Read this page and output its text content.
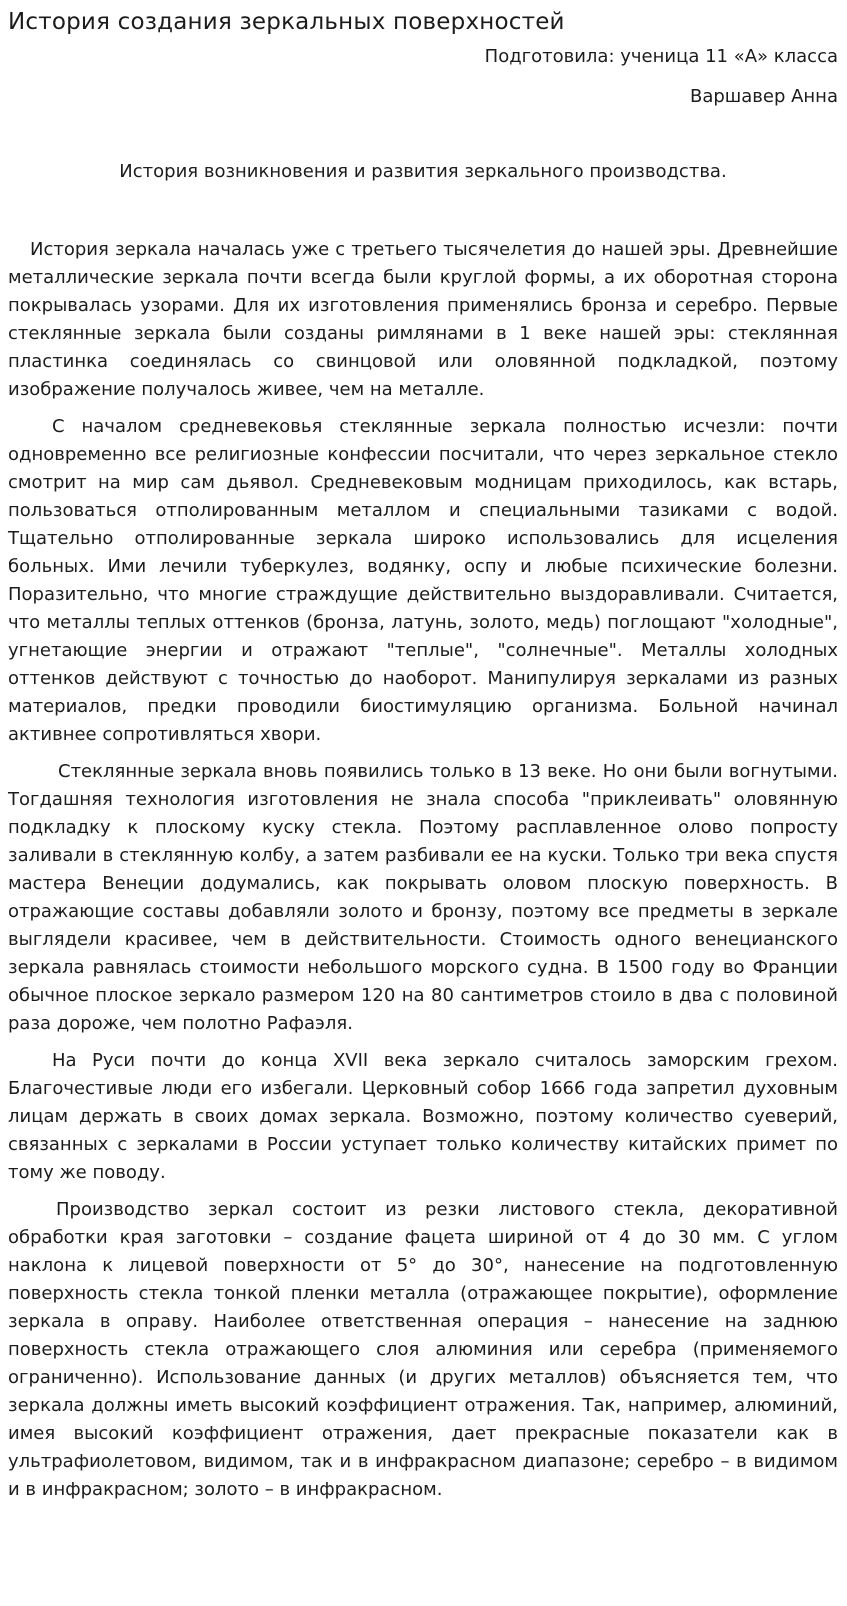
История создания зеркальных поверхностей

Подготовила: ученица 11 «А» класса

Варшавер Анна

История возникновения и развития зеркального производства.

История зеркала началась уже с третьего тысячелетия до нашей эры. Древнейшие металлические зеркала почти всегда были круглой формы, а их оборотная сторона покрывалась узорами. Для их изготовления применялись бронза и серебро. Первые стеклянные зеркала были созданы римлянами в 1 веке нашей эры: стеклянная пластинка соединялась со свинцовой или оловянной подкладкой, поэтому изображение получалось живее, чем на металле.

С началом средневековья стеклянные зеркала полностью исчезли: почти одновременно все религиозные конфессии посчитали, что через зеркальное стекло смотрит на мир сам дьявол. Средневековым модницам приходилось, как встарь, пользоваться отполированным металлом и специальными тазиками с водой. Тщательно отполированные зеркала широко использовались для исцеления больных. Ими лечили туберкулез, водянку, оспу и любые психические болезни. Поразительно, что многие страждущие действительно выздоравливали. Считается, что металлы теплых оттенков (бронза, латунь, золото, медь) поглощают "холодные", угнетающие энергии и отражают "теплые", "солнечные". Металлы холодных оттенков действуют с точностью до наоборот. Манипулируя зеркалами из разных материалов, предки проводили биостимуляцию организма. Больной начинал активнее сопротивляться хвори.

Стеклянные зеркала вновь появились только в 13 веке. Но они были вогнутыми. Тогдашняя технология изготовления не знала способа "приклеивать" оловянную подкладку к плоскому куску стекла. Поэтому расплавленное олово попросту заливали в стеклянную колбу, а затем разбивали ее на куски. Только три века спустя мастера Венеции додумались, как покрывать оловом плоскую поверхность. В отражающие составы добавляли золото и бронзу, поэтому все предметы в зеркале выглядели красивее, чем в действительности. Стоимость одного венецианского зеркала равнялась стоимости небольшого морского судна. В 1500 году во Франции обычное плоское зеркало размером 120 на 80 сантиметров стоило в два с половиной раза дороже, чем полотно Рафаэля.

На Руси почти до конца XVII века зеркало считалось заморским грехом. Благочестивые люди его избегали. Церковный собор 1666 года запретил духовным лицам держать в своих домах зеркала. Возможно, поэтому количество суеверий, связанных с зеркалами в России уступает только количеству китайских примет по тому же поводу.

Производство зеркал состоит из резки листового стекла, декоративной обработки края заготовки – создание фацета шириной от 4 до 30 мм. С углом наклона к лицевой поверхности от 5° до 30°, нанесение на подготовленную поверхность стекла тонкой пленки металла (отражающее покрытие), оформление зеркала в оправу. Наиболее ответственная операция – нанесение на заднюю поверхность стекла отражающего слоя алюминия или серебра (применяемого ограниченно). Использование данных (и других металлов) объясняется тем, что зеркала должны иметь высокий коэффициент отражения. Так, например, алюминий, имея высокий коэффициент отражения, дает прекрасные показатели как в ультрафиолетовом, видимом, так и в инфракрасном диапазоне; серебро – в видимом и в инфракрасном; золото – в инфракрасном.
